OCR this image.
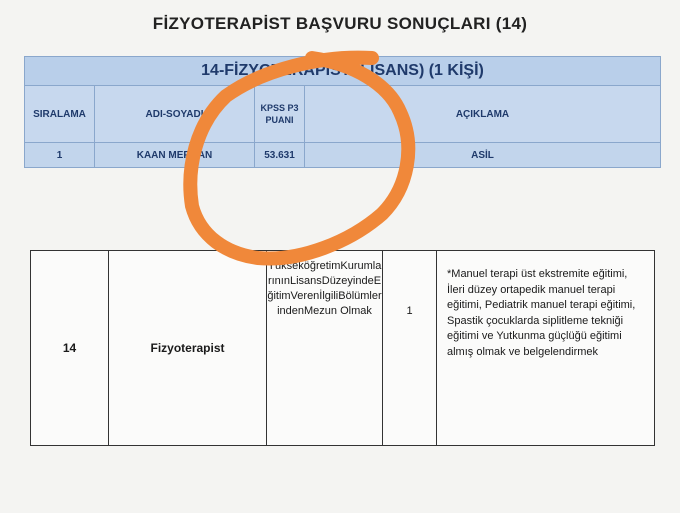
FİZYOTERAPİST BAŞVURU SONUÇLARI (14)
14-FİZYOTERAPİST (LİSANS) (1 KİŞİ)			
SIRALAMA	ADI-SOYADI	KPSS P3 PUANI	AÇIKLAMA
1	KAAN MERCAN	53.631	ASİL
14	Fizyoterapist	YükseköğretimKurumlarınınLisansDüzeyindeEğitimVerenİlgiliBölümlerindenMezun Olmak	1	*Manuel terapi üst ekstremite eğitimi, İleri düzey ortapedik manuel terapi eğitimi, Pediatrik manuel terapi eğitimi, Spastik çocuklarda siplitleme tekniği eğitimi ve Yutkunma güçlüğü eğitimi almış olmak ve belgelendirmek
